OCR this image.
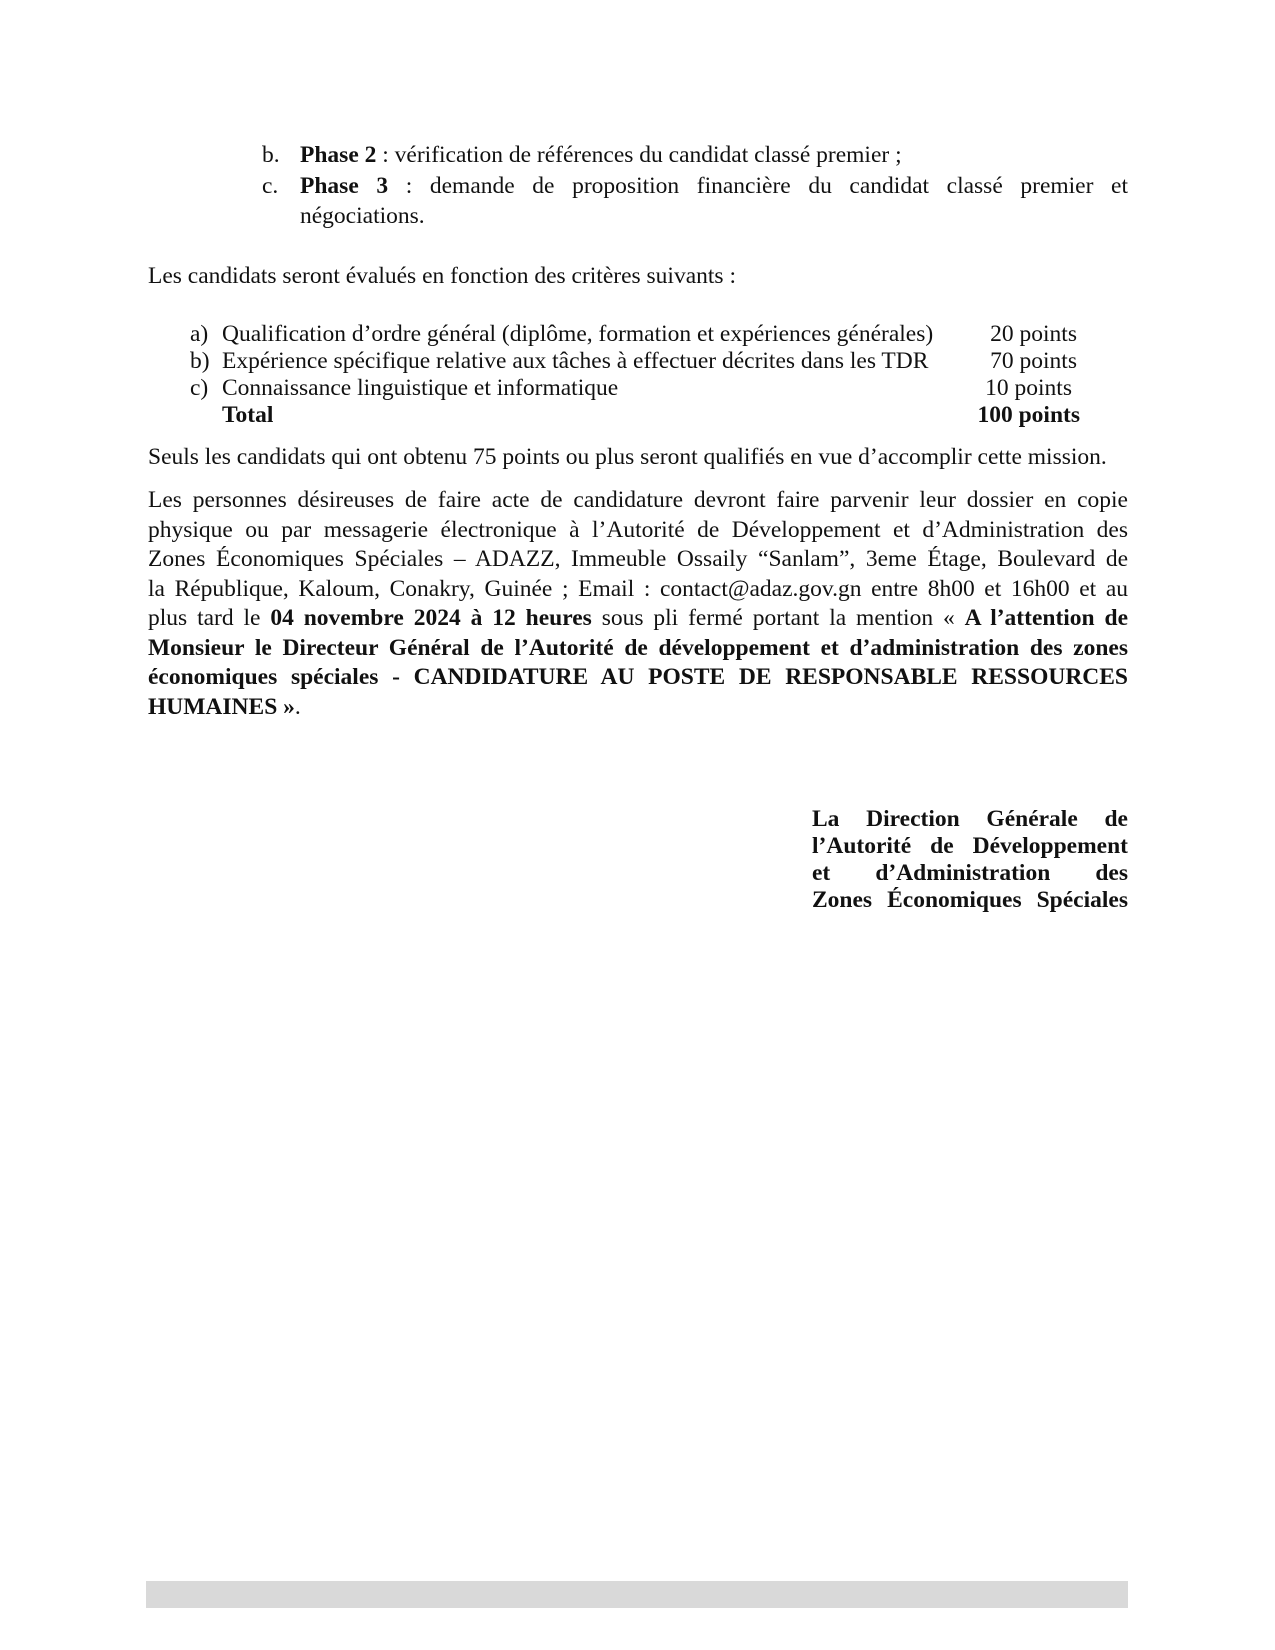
b. Phase 2 : vérification de références du candidat classé premier ;
c. Phase 3 : demande de proposition financière du candidat classé premier et
négociations.
Les candidats seront évalués en fonction des critères suivants :
a) Qualification d’ordre général (diplôme, formation et expériences générales)	20 points
b) Expérience spécifique relative aux tâches à effectuer décrites dans les TDR	70 points
c) Connaissance linguistique et informatique	10 points
Total	100 points
Seuls les candidats qui ont obtenu 75 points ou plus seront qualifiés en vue d’accomplir cette mission.
Les personnes désireuses de faire acte de candidature devront faire parvenir leur dossier en copie
physique ou par messagerie électronique à l’Autorité de Développement et d’Administration des
Zones Économiques Spéciales – ADAZZ, Immeuble Ossaily “Sanlam”, 3eme Étage, Boulevard de
la République, Kaloum, Conakry, Guinée ; Email : contact@adaz.gov.gn entre 8h00 et 16h00 et au
plus tard le 04 novembre 2024 à 12 heures sous pli fermé portant la mention « A l’attention de
Monsieur le Directeur Général de l’Autorité de développement et d’administration des zones
économiques spéciales - CANDIDATURE AU POSTE DE RESPONSABLE RESSOURCES
HUMAINES ».
La Direction Générale de
l’Autorité de Développement
et d’Administration des
Zones Économiques Spéciales
